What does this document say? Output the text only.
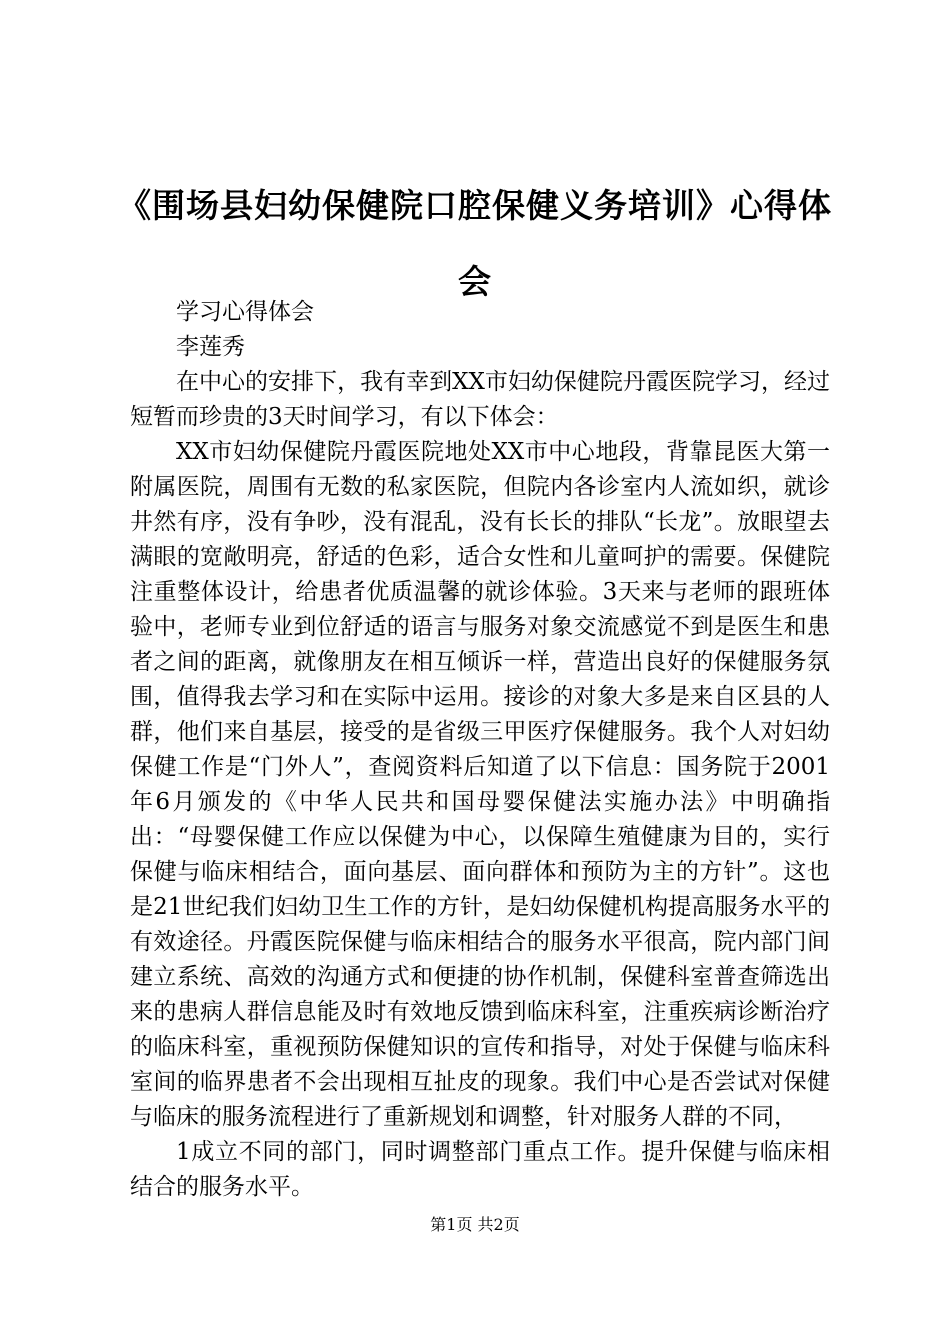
《围场县妇幼保健院口腔保健义务培训》心得体会

学习心得体会

李莲秀

在中心的安排下，我有幸到XX市妇幼保健院丹霞医院学习，经过短暂而珍贵的3天时间学习，有以下体会：

XX市妇幼保健院丹霞医院地处XX市中心地段，背靠昆医大第一附属医院，周围有无数的私家医院，但院内各诊室内人流如织，就诊井然有序，没有争吵，没有混乱，没有长长的排队“长龙”。放眼望去满眼的宽敞明亮，舒适的色彩，适合女性和儿童呵护的需要。保健院注重整体设计，给患者优质温馨的就诊体验。3天来与老师的跟班体验中，老师专业到位舒适的语言与服务对象交流感觉不到是医生和患者之间的距离，就像朋友在相互倾诉一样，营造出良好的保健服务氛围，值得我去学习和在实际中运用。接诊的对象大多是来自区县的人群，他们来自基层，接受的是省级三甲医疗保健服务。我个人对妇幼保健工作是“门外人”，查阅资料后知道了以下信息：国务院于2001年6月颁发的《中华人民共和国母婴保健法实施办法》中明确指出：“母婴保健工作应以保健为中心，以保障生殖健康为目的，实行保健与临床相结合，面向基层、面向群体和预防为主的方针”。这也是21世纪我们妇幼卫生工作的方针，是妇幼保健机构提高服务水平的有效途径。丹霞医院保健与临床相结合的服务水平很高，院内部门间建立系统、高效的沟通方式和便捷的协作机制，保健科室普查筛选出来的患病人群信息能及时有效地反馈到临床科室，注重疾病诊断治疗的临床科室，重视预防保健知识的宣传和指导，对处于保健与临床科室间的临界患者不会出现相互扯皮的现象。我们中心是否尝试对保健与临床的服务流程进行了重新规划和调整，针对服务人群的不同，

1成立不同的部门，同时调整部门重点工作。提升保健与临床相结合的服务水平。

第1页 共2页
